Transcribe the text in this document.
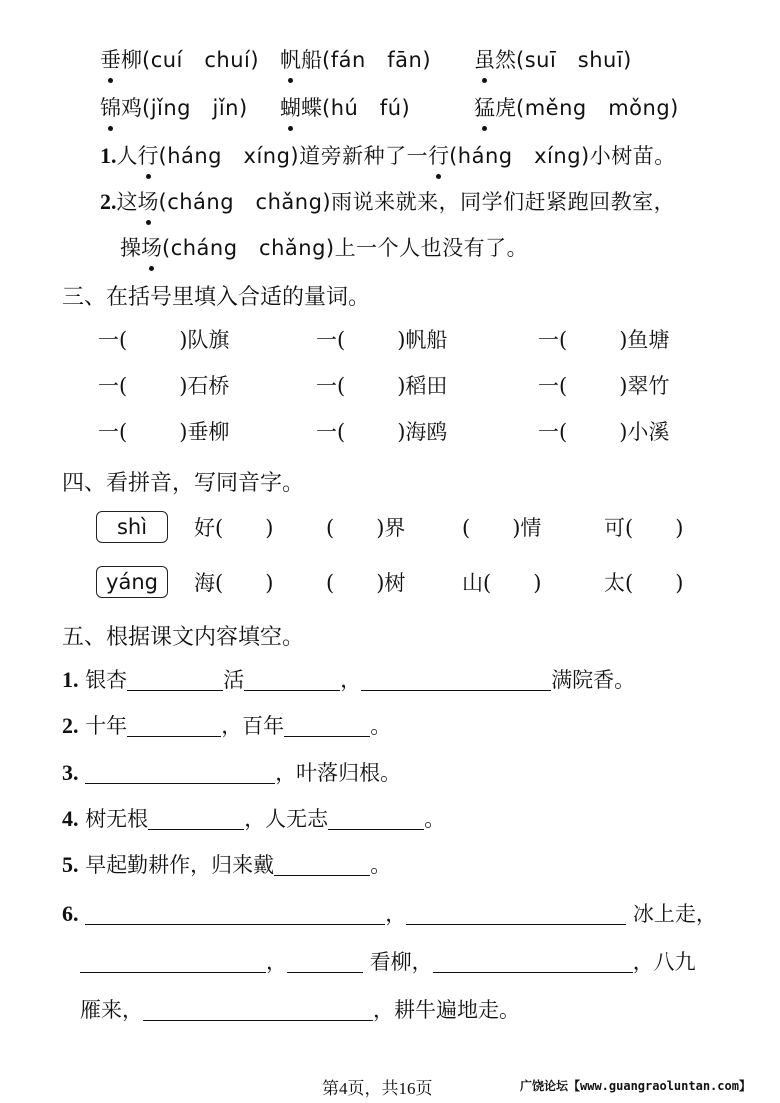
垂柳(cuí　chuí) 帆船(fán　fān) 虽然(suī　shuī)
锦鸡(jǐng　jǐn) 蝴蝶(hú　fú)	猛虎(měng　mǒng)
1.人行(háng　xíng)道旁新种了一行(háng　xíng)小树苗。
2.这场(cháng　chǎng)雨说来就来，同学们赶紧跑回教室，
操场(cháng　chǎng)上一个人也没有了。
三、在括号里填入合适的量词。
一( )队旗	一( )帆船	一( )鱼塘
一( )石桥	一( )稻田	一( )翠竹
一( )垂柳	一( )海鸥	一( )小溪
四、看拼音，写同音字。
shì	好(　　)	(　　)界	(　　)情	可(　　)
yáng	海(　　)	(　　)树	山(　　)	太(　　)
五、根据课文内容填空。
1. 银杏	活	，	满院香。
2. 十年	，百年	。
3.	，叶落归根。
4. 树无根	，人无志	。
5. 早起勤耕作，归来戴	。
6.	，	冰上走，
，	看柳，	，八九
雁来，	，耕牛遍地走。
第4页，共16页	广饶论坛【www.guangraoluntan.com】
